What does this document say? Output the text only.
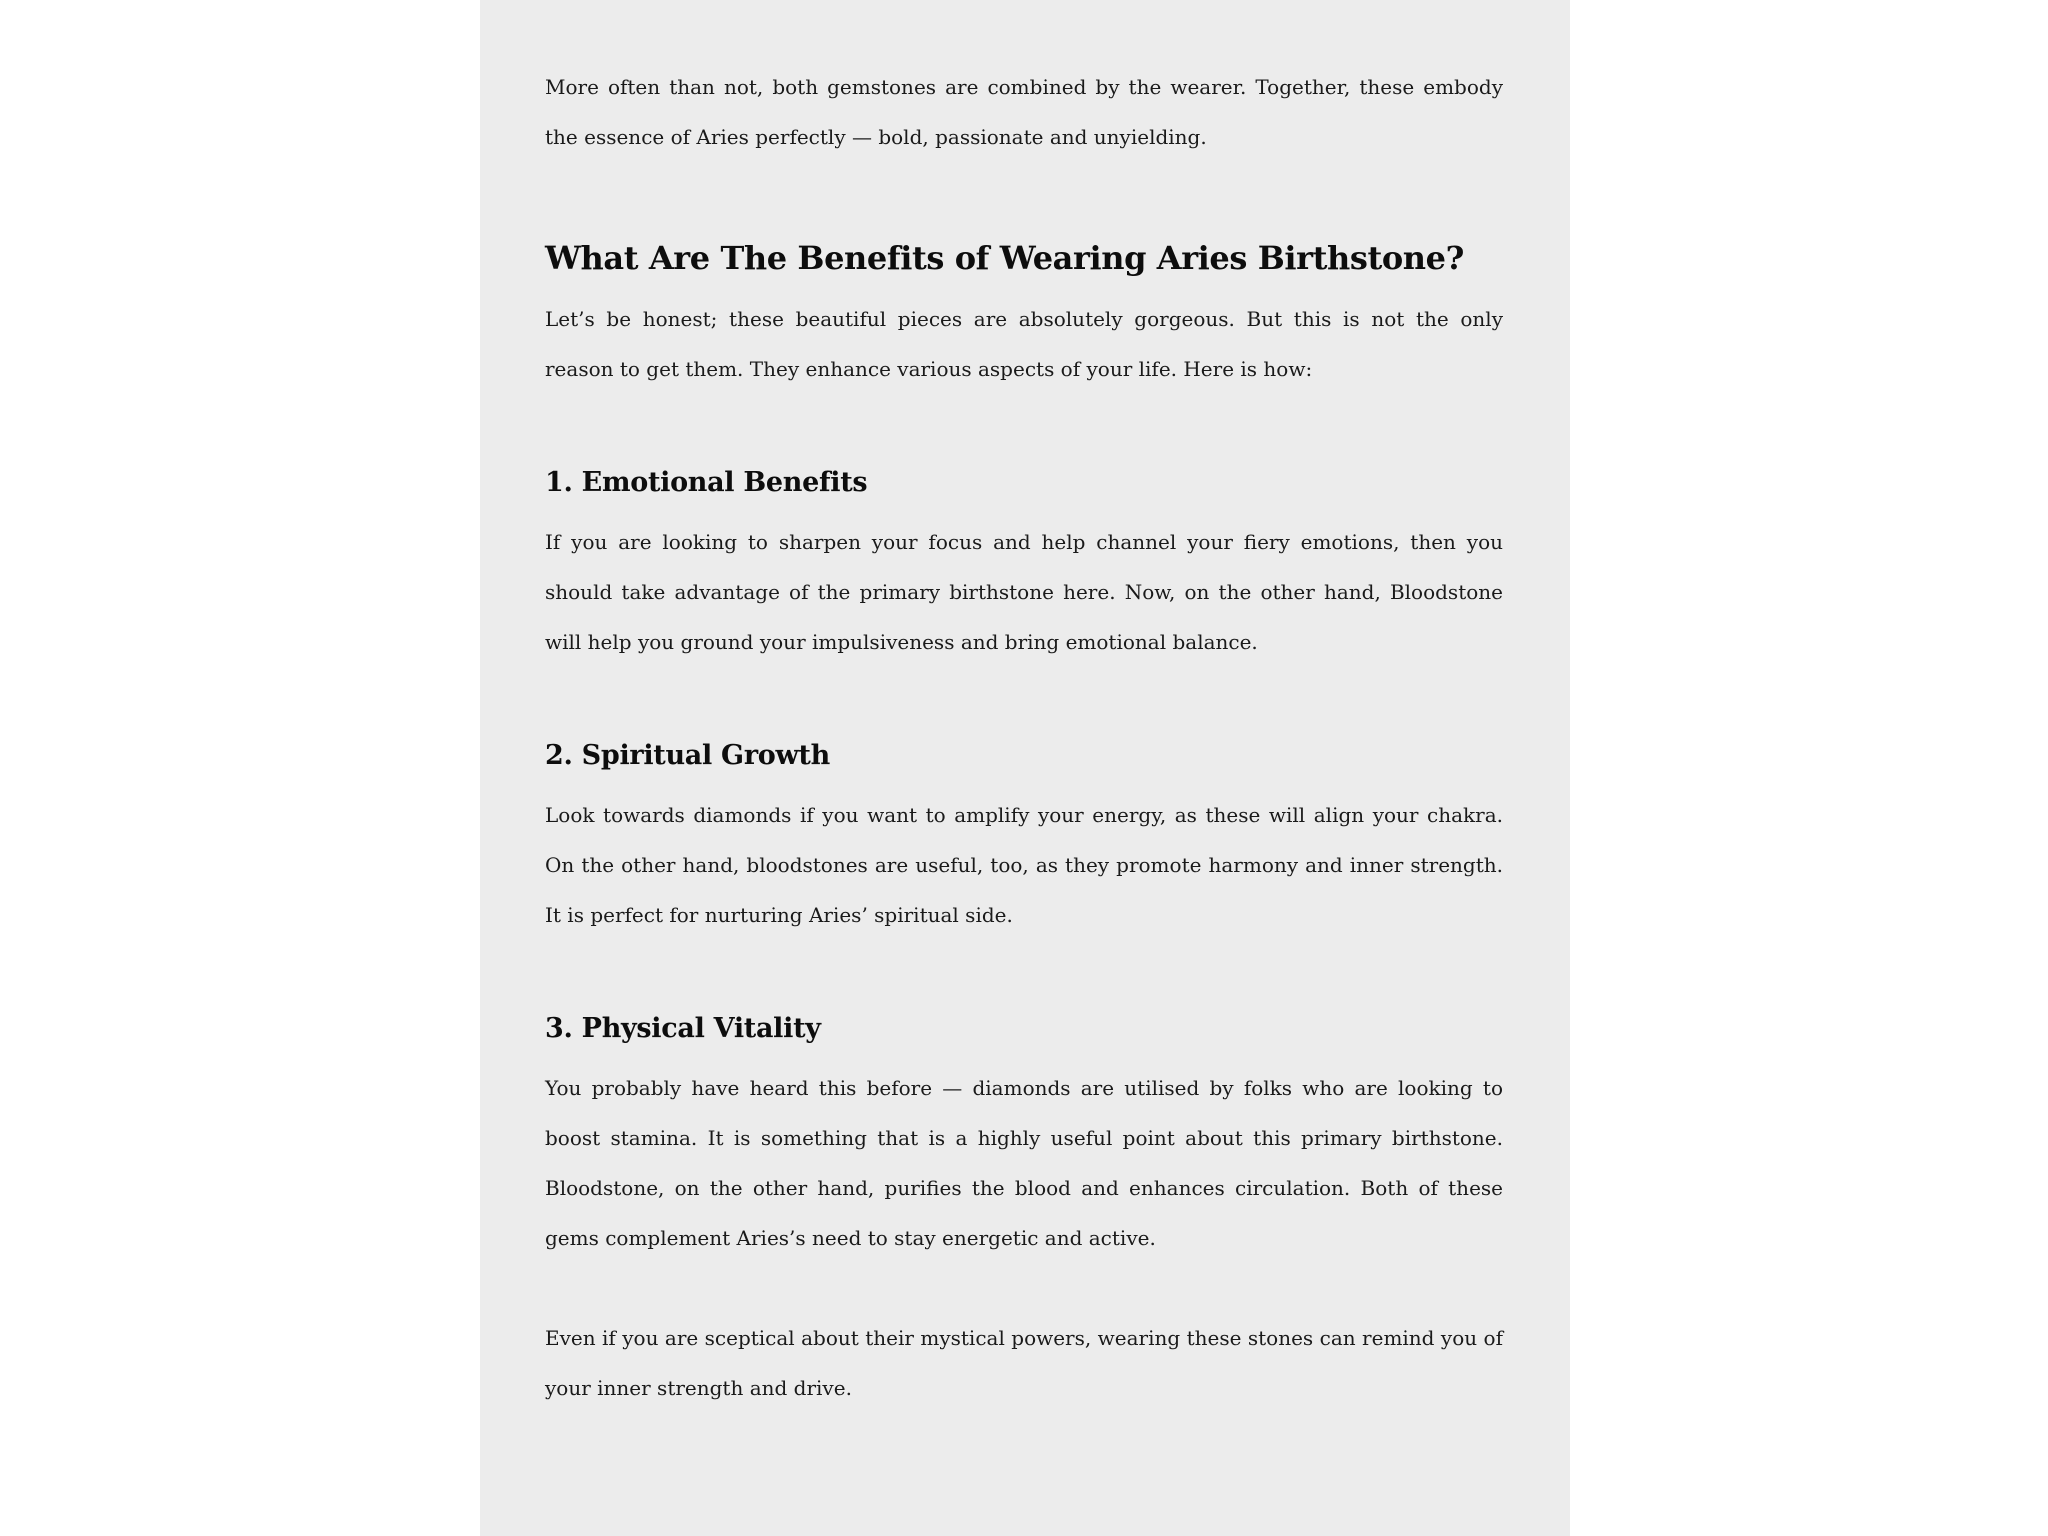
More often than not, both gemstones are combined by the wearer. Together, these embody the essence of Aries perfectly — bold, passionate and unyielding.

What Are The Benefits of Wearing Aries Birthstone?

Let’s be honest; these beautiful pieces are absolutely gorgeous. But this is not the only reason to get them. They enhance various aspects of your life. Here is how:

1. Emotional Benefits

If you are looking to sharpen your focus and help channel your fiery emotions, then you should take advantage of the primary birthstone here. Now, on the other hand, Bloodstone will help you ground your impulsiveness and bring emotional balance.

2. Spiritual Growth

Look towards diamonds if you want to amplify your energy, as these will align your chakra. On the other hand, bloodstones are useful, too, as they promote harmony and inner strength. It is perfect for nurturing Aries’ spiritual side.

3. Physical Vitality

You probably have heard this before — diamonds are utilised by folks who are looking to boost stamina. It is something that is a highly useful point about this primary birthstone. Bloodstone, on the other hand, purifies the blood and enhances circulation. Both of these gems complement Aries’s need to stay energetic and active.

Even if you are sceptical about their mystical powers, wearing these stones can remind you of your inner strength and drive.
